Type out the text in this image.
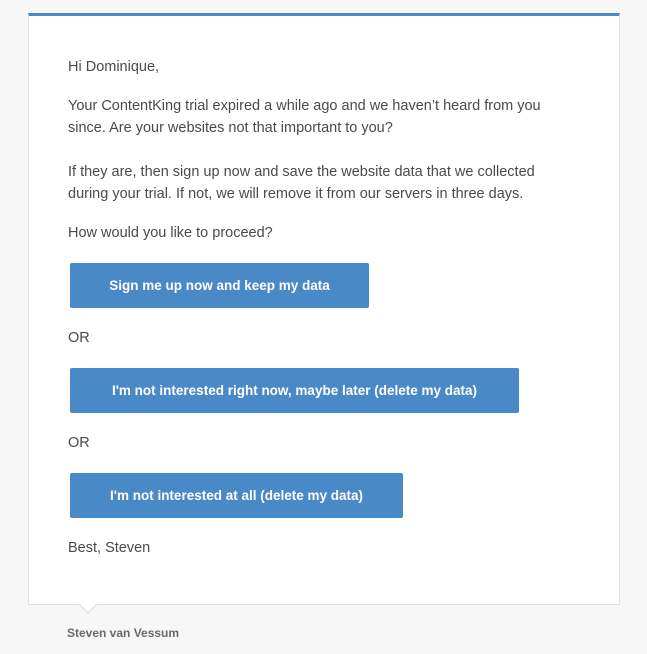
Hi Dominique,

Your ContentKing trial expired a while ago and we haven’t heard from you
since. Are your websites not that important to you?
If they are, then sign up now and save the website data that we collected
during your trial. If not, we will remove it from our servers in three days.

How would you like to proceed?

Sign me up now and keep my data

OR

I'm not interested right now, maybe later (delete my data)

OR

I'm not interested at all (delete my data)

Best, Steven

Steven van Vessum
